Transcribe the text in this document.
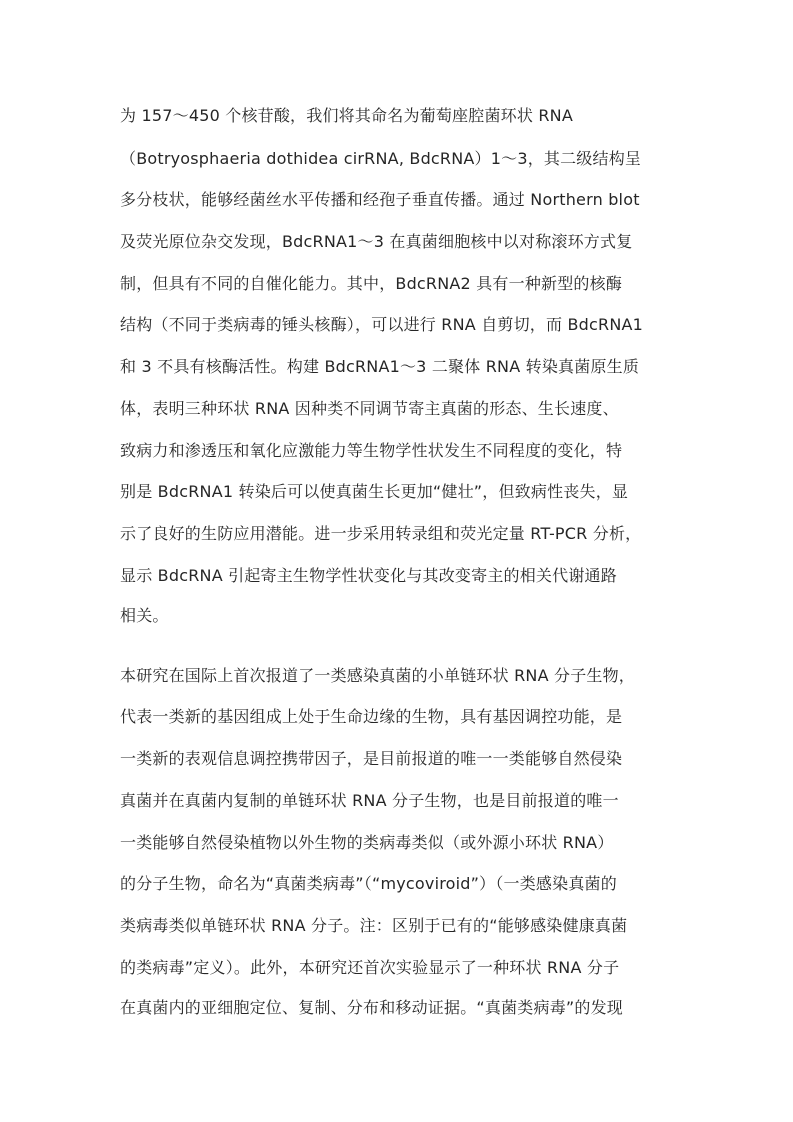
为 157～450 个核苷酸，我们将其命名为葡萄座腔菌环状 RNA

（Botryosphaeria dothidea cirRNA, BdcRNA）1～3，其二级结构呈

多分枝状，能够经菌丝水平传播和经孢子垂直传播。通过 Northern blot

及荧光原位杂交发现，BdcRNA1～3 在真菌细胞核中以对称滚环方式复

制，但具有不同的自催化能力。其中，BdcRNA2 具有一种新型的核酶

结构（不同于类病毒的锤头核酶），可以进行 RNA 自剪切，而 BdcRNA1

和 3 不具有核酶活性。构建 BdcRNA1～3 二聚体 RNA 转染真菌原生质

体，表明三种环状 RNA 因种类不同调节寄主真菌的形态、生长速度、

致病力和渗透压和氧化应激能力等生物学性状发生不同程度的变化，特

别是 BdcRNA1 转染后可以使真菌生长更加“健壮”，但致病性丧失，显

示了良好的生防应用潜能。进一步采用转录组和荧光定量 RT-PCR 分析，

显示 BdcRNA 引起寄主生物学性状变化与其改变寄主的相关代谢通路

相关。

本研究在国际上首次报道了一类感染真菌的小单链环状 RNA 分子生物，

代表一类新的基因组成上处于生命边缘的生物，具有基因调控功能，是

一类新的表观信息调控携带因子，是目前报道的唯一一类能够自然侵染

真菌并在真菌内复制的单链环状 RNA 分子生物，也是目前报道的唯一

一类能够自然侵染植物以外生物的类病毒类似（或外源小环状 RNA）

的分子生物，命名为“真菌类病毒”（“mycoviroid”）（一类感染真菌的

类病毒类似单链环状 RNA 分子。注：区别于已有的“能够感染健康真菌

的类病毒”定义）。此外，本研究还首次实验显示了一种环状 RNA 分子

在真菌内的亚细胞定位、复制、分布和移动证据。“真菌类病毒”的发现
